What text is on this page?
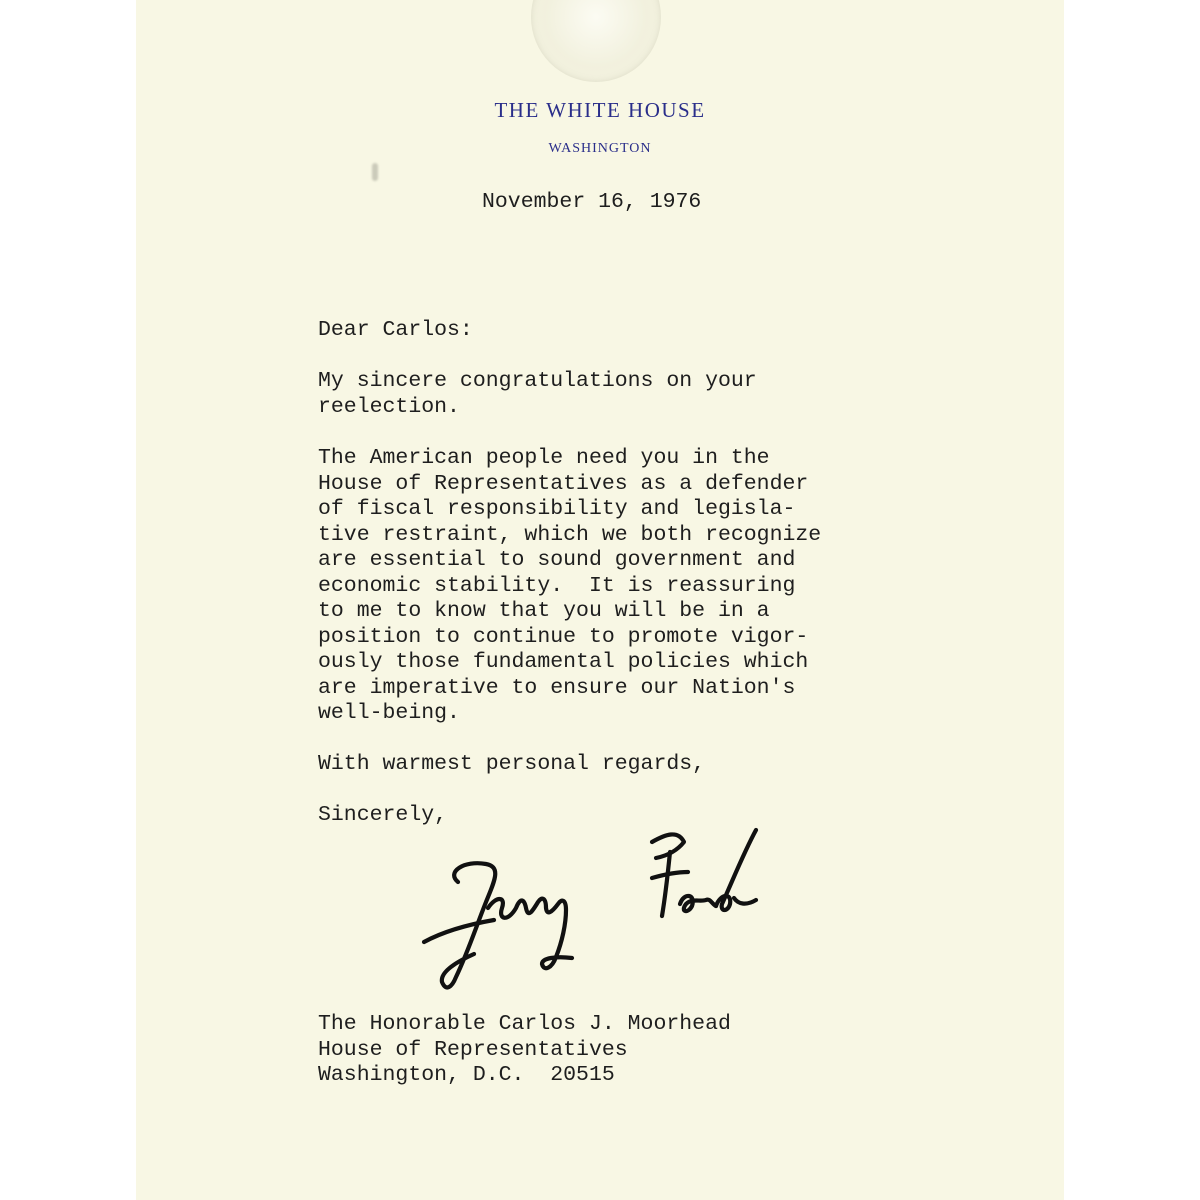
THE WHITE HOUSE
WASHINGTON
November 16, 1976
Dear Carlos:
My sincere congratulations on your
reelection.
The American people need you in the
House of Representatives as a defender
of fiscal responsibility and legisla-
tive restraint, which we both recognize
are essential to sound government and
economic stability.  It is reassuring
to me to know that you will be in a
position to continue to promote vigor-
ously those fundamental policies which
are imperative to ensure our Nation's
well-being.
With warmest personal regards,
Sincerely,
The Honorable Carlos J. Moorhead
House of Representatives
Washington, D.C.  20515
